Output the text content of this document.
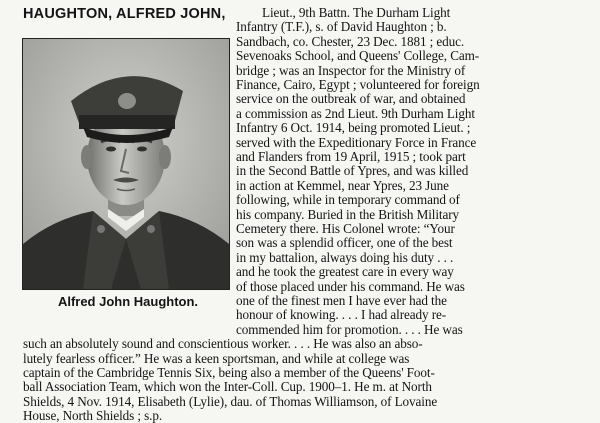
Alfred John Haughton.
HAUGHTON, ALFRED JOHN,	Lieut., 9th Battn. The Durham Light
Infantry (T.F.), s. of David Haughton ; b.
Sandbach, co. Chester, 23 Dec. 1881 ; educ.
Sevenoaks School, and Queens' College, Cam-
bridge ; was an Inspector for the Ministry of
Finance, Cairo, Egypt ; volunteered for foreign
service on the outbreak of war, and obtained
a commission as 2nd Lieut. 9th Durham Light
Infantry 6 Oct. 1914, being promoted Lieut. ;
served with the Expeditionary Force in France
and Flanders from 19 April, 1915 ; took part
in the Second Battle of Ypres, and was killed
in action at Kemmel, near Ypres, 23 June
following, while in temporary command of
his company. Buried in the British Military
Cemetery there. His Colonel wrote: “Your
son was a splendid officer, one of the best
in my battalion, always doing his duty . . .
and he took the greatest care in every way
of those placed under his command. He was
one of the finest men I have ever had the
honour of knowing. . . . I had already re-
commended him for promotion. . . . He was
such an absolutely sound and conscientious worker. . . . He was also an abso-
lutely fearless officer.” He was a keen sportsman, and while at college was
captain of the Cambridge Tennis Six, being also a member of the Queens' Foot-
ball Association Team, which won the Inter-Coll. Cup. 1900–1. He m. at North
Shields, 4 Nov. 1914, Elisabeth (Lylie), dau. of Thomas Williamson, of Lovaine
House, North Shields ; s.p.
